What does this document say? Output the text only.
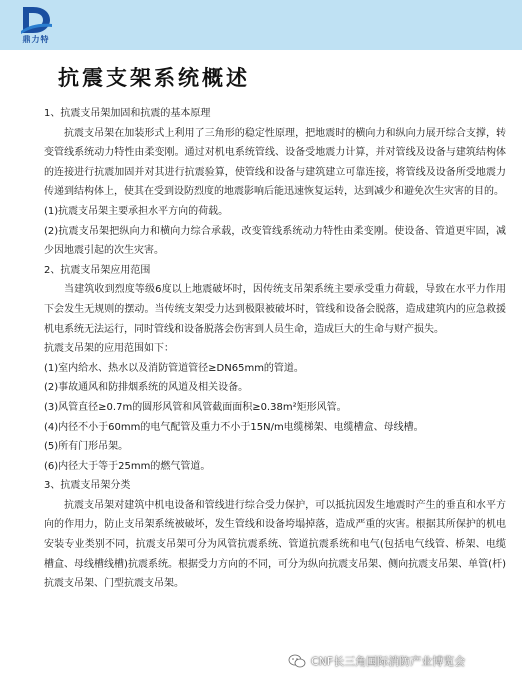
鼎力特
抗震支架系统概述

1、抗震支吊架加固和抗震的基本原理

抗震支吊架在加装形式上利用了三角形的稳定性原理，把地震时的横向力和纵向力展开综合支撑，转变管线系统动力特性由柔变刚。通过对机电系统管线、设备受地震力计算，并对管线及设备与建筑结构体的连接进行抗震加固并对其进行抗震验算，使管线和设备与建筑建立可靠连接，将管线及设备所受地震力传递到结构体上，使其在受到设防烈度的地震影响后能迅速恢复运转，达到减少和避免次生灾害的目的。

(1)抗震支吊架主要承担水平方向的荷载。

(2)抗震支吊架把纵向力和横向力综合承载，改变管线系统动力特性由柔变刚。使设备、管道更牢固，减少因地震引起的次生灾害。

2、抗震支吊架应用范围

当建筑收到烈度等级6度以上地震破坏时，因传统支吊架系统主要承受重力荷载，导致在水平力作用下会发生无规则的摆动。当传统支架受力达到极限被破坏时，管线和设备会脱落，造成建筑内的应急救援机电系统无法运行，同时管线和设备脱落会伤害到人员生命，造成巨大的生命与财产损失。

抗震支吊架的应用范围如下：

(1)室内给水、热水以及消防管道管径≥DN65mm的管道。

(2)事故通风和防排烟系统的风道及相关设备。

(3)风管直径≥0.7m的圆形风管和风管截面面积≥0.38m²矩形风管。

(4)内径不小于60mm的电气配管及重力不小于15N/m电缆梯架、电缆槽盒、母线槽。

(5)所有门形吊架。

(6)内径大于等于25mm的燃气管道。

3、抗震支吊架分类

抗震支吊架对建筑中机电设备和管线进行综合受力保护，可以抵抗因发生地震时产生的垂直和水平方向的作用力，防止支吊架系统被破坏，发生管线和设备垮塌掉落，造成严重的灾害。根据其所保护的机电安装专业类别不同，抗震支吊架可分为风管抗震系统、管道抗震系统和电气(包括电气线管、桥架、电缆槽盒、母线槽线槽)抗震系统。根据受力方向的不同，可分为纵向抗震支吊架、侧向抗震支吊架、单管(杆)抗震支吊架、门型抗震支吊架。

CNF长三角国际消防产业博览会
